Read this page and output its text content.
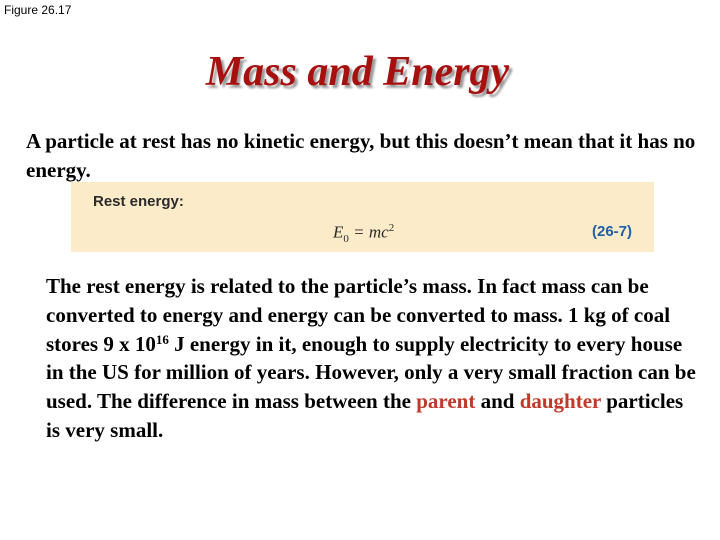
Figure 26.17
Mass and Energy
A particle at rest has no kinetic energy, but this doesn’t mean that it has no energy.
Rest energy:
$E_0 = mc^2$	(26-7)
The rest energy is related to the particle’s mass. In fact mass can be converted to energy and energy can be converted to mass. 1 kg of coal stores 9 x $10^{16}$ J energy in it, enough to supply electricity to every house in the US for million of years. However, only a very small fraction can be used. The difference in mass between the parent and daughter particles is very small.
